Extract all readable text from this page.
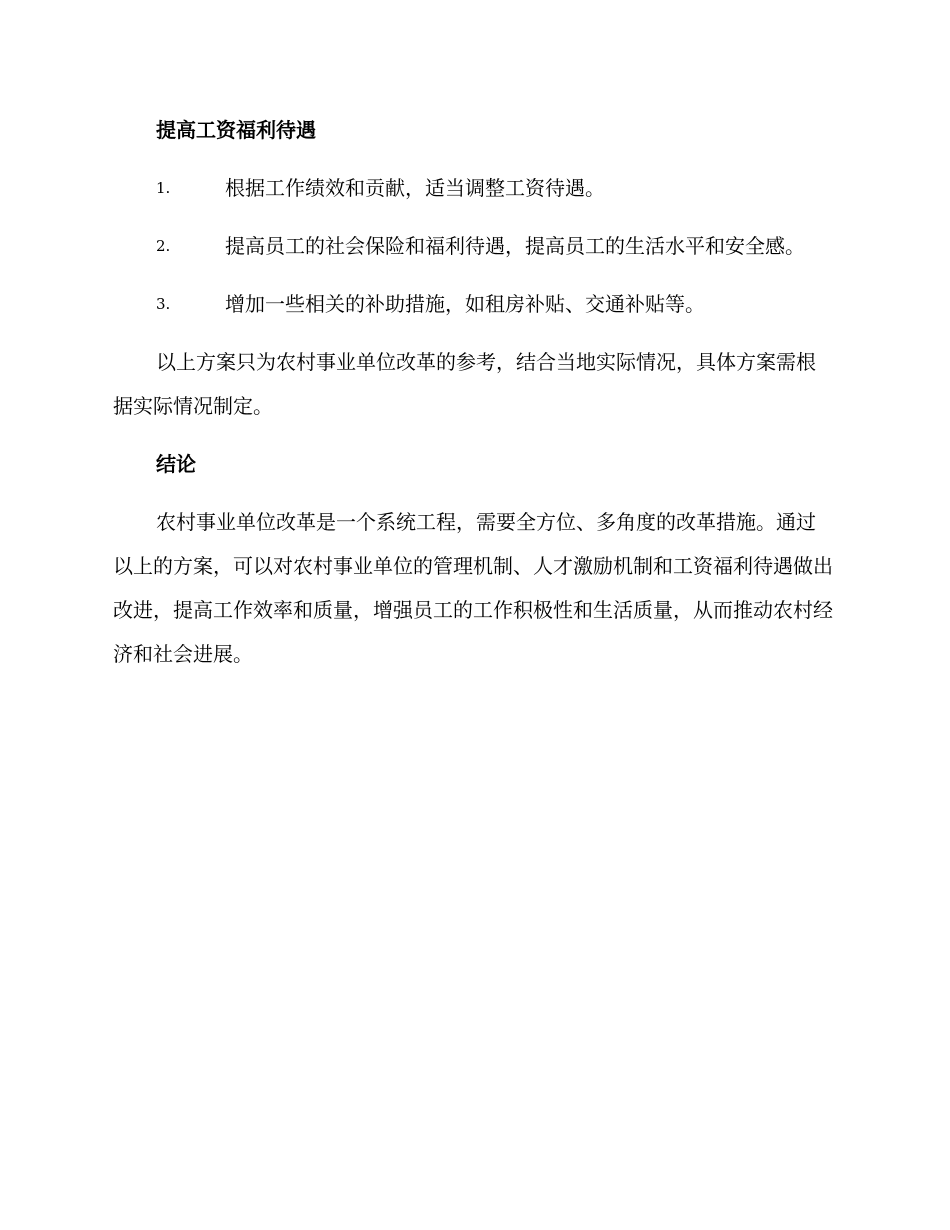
提高工资福利待遇

1.	根据工作绩效和贡献，适当调整工资待遇。
2.	提高员工的社会保险和福利待遇，提高员工的生活水平和安全感。
3.	增加一些相关的补助措施，如租房补贴、交通补贴等。

以上方案只为农村事业单位改革的参考，结合当地实际情况，具体方案需根据实际情况制定。

结论

农村事业单位改革是一个系统工程，需要全方位、多角度的改革措施。通过以上的方案，可以对农村事业单位的管理机制、人才激励机制和工资福利待遇做出改进，提高工作效率和质量，增强员工的工作积极性和生活质量，从而推动农村经济和社会进展。
